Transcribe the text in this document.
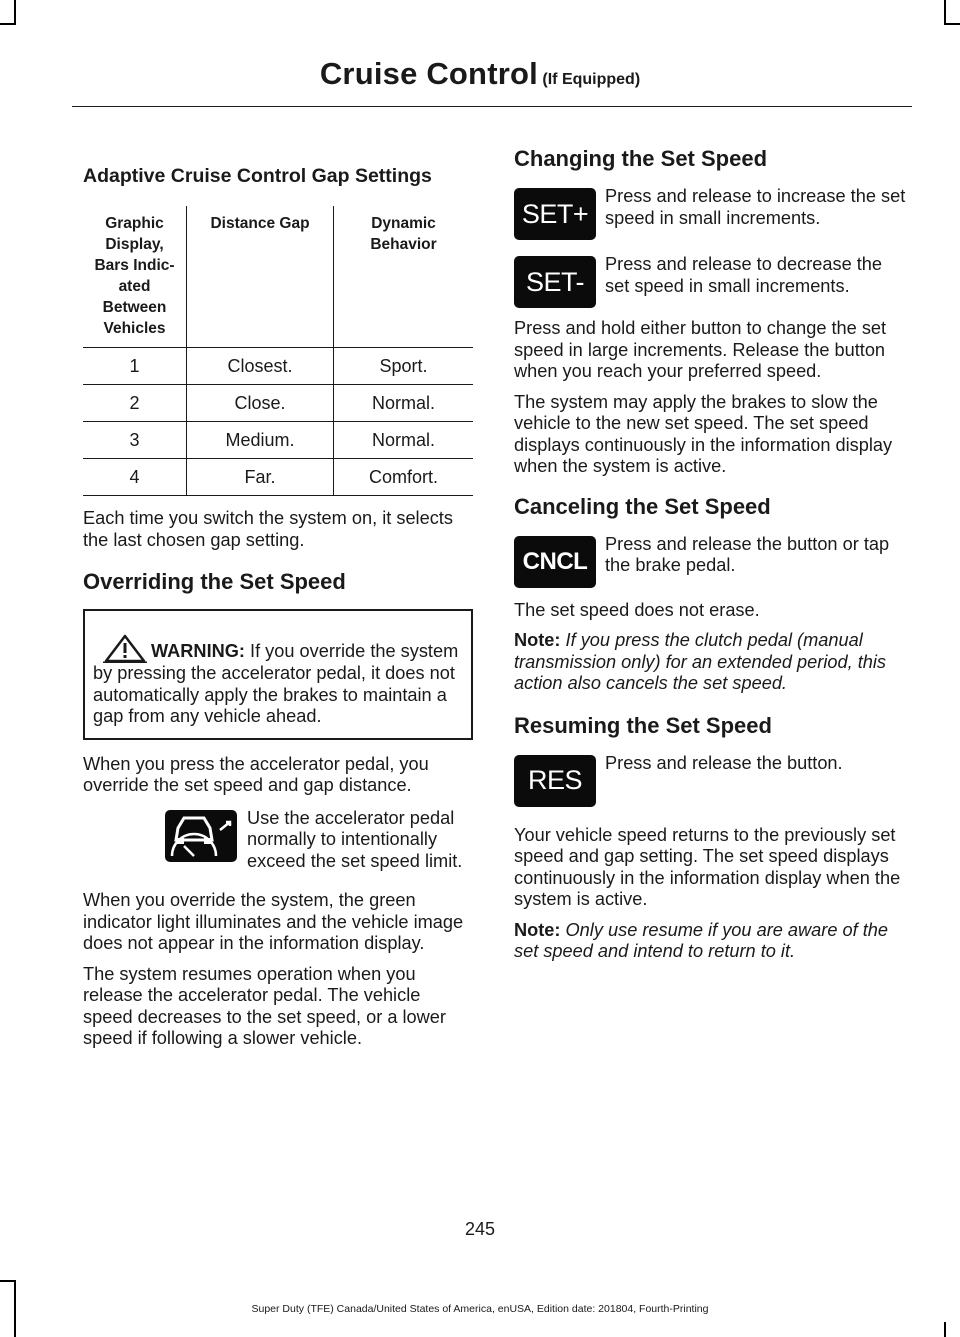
Cruise Control (If Equipped)
Adaptive Cruise Control Gap Settings
Graphic Display, Bars Indic-ated Between Vehicles	Distance Gap	Dynamic Behavior
1	Closest.	Sport.
2	Close.	Normal.
3	Medium.	Normal.
4	Far.	Comfort.

Each time you switch the system on, it selects the last chosen gap setting.

Overriding the Set Speed

WARNING: If you override the system by pressing the accelerator pedal, it does not automatically apply the brakes to maintain a gap from any vehicle ahead.

When you press the accelerator pedal, you override the set speed and gap distance.

Use the accelerator pedal normally to intentionally exceed the set speed limit.

When you override the system, the green indicator light illuminates and the vehicle image does not appear in the information display.

The system resumes operation when you release the accelerator pedal. The vehicle speed decreases to the set speed, or a lower speed if following a slower vehicle.

Changing the Set Speed
SET+

Press and release to increase the set speed in small increments.

SET-

Press and release to decrease the set speed in small increments.

Press and hold either button to change the set speed in large increments. Release the button when you reach your preferred speed.

The system may apply the brakes to slow the vehicle to the new set speed. The set speed displays continuously in the information display when the system is active.

Canceling the Set Speed
CNCL

Press and release the button or tap the brake pedal.

The set speed does not erase.

Note: If you press the clutch pedal (manual transmission only) for an extended period, this action also cancels the set speed.

Resuming the Set Speed
RES

Press and release the button.

Your vehicle speed returns to the previously set speed and gap setting. The set speed displays continuously in the information display when the system is active.

Note: Only use resume if you are aware of the set speed and intend to return to it.

245
Super Duty (TFE) Canada/United States of America, enUSA, Edition date: 201804, Fourth-Printing
